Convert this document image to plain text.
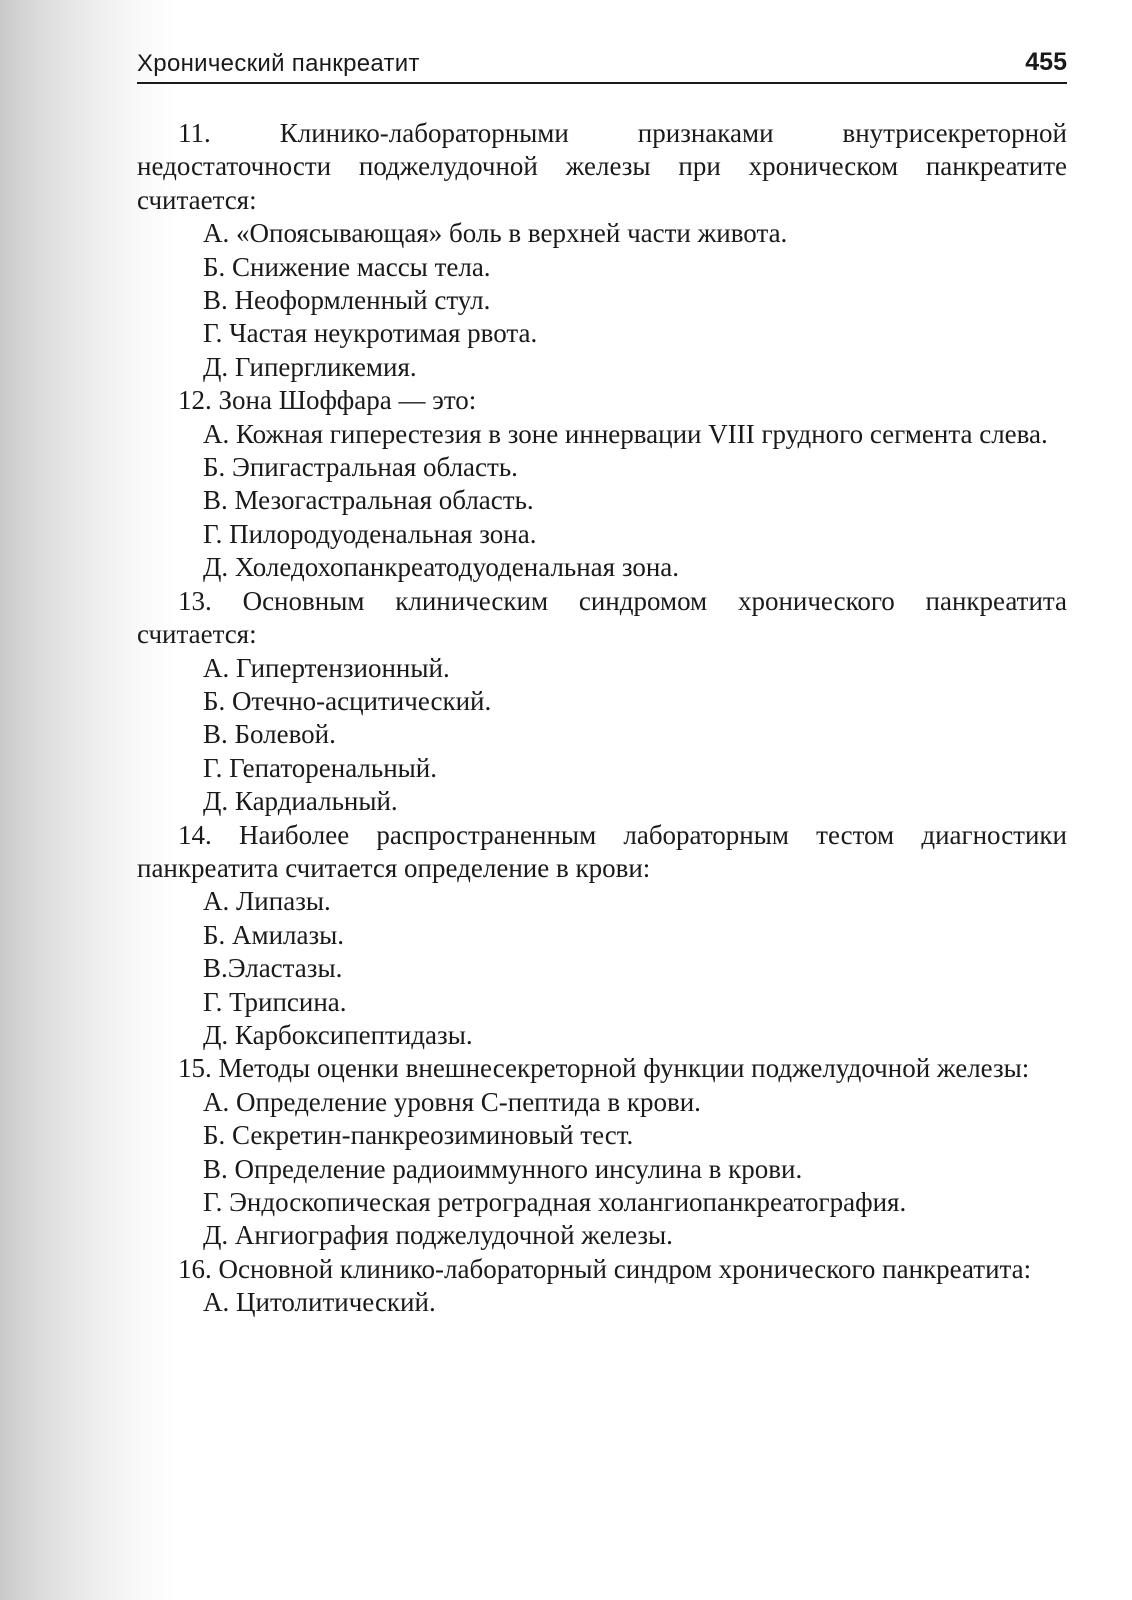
Хронический панкреатит	455

11. Клинико-лабораторными признаками внутрисекреторной недостаточности поджелудочной железы при хроническом панкреатите считается:

А. «Опоясывающая» боль в верхней части живота.

Б. Снижение массы тела.

В. Неоформленный стул.

Г. Частая неукротимая рвота.

Д. Гипергликемия.

12. Зона Шоффара — это:

А. Кожная гиперестезия в зоне иннервации VIII грудного сегмента слева.

Б. Эпигастральная область.

В. Мезогастральная область.

Г. Пилородуоденальная зона.

Д. Холедохопанкреатодуоденальная зона.

13. Основным клиническим синдромом хронического панкреатита считается:

А. Гипертензионный.

Б. Отечно-асцитический.

В. Болевой.

Г. Гепаторенальный.

Д. Кардиальный.

14. Наиболее распространенным лабораторным тестом диагностики панкреатита считается определение в крови:

А. Липазы.

Б. Амилазы.

В.Эластазы.

Г. Трипсина.

Д. Карбоксипептидазы.

15. Методы оценки внешнесекреторной функции поджелудочной железы:

А. Определение уровня С-пептида в крови.

Б. Секретин-панкреозиминовый тест.

В. Определение радиоиммунного инсулина в крови.

Г. Эндоскопическая ретроградная холангиопанкреатография.

Д. Ангиография поджелудочной железы.

16. Основной клинико-лабораторный синдром хронического панкреатита:

А. Цитолитический.
